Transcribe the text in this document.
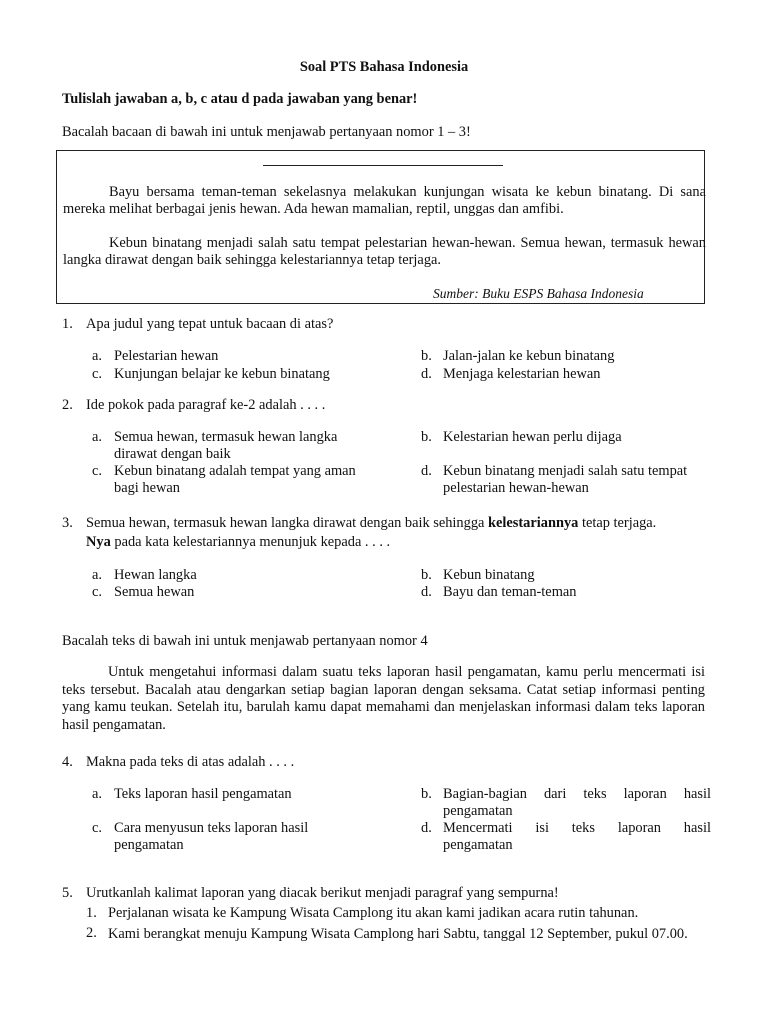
Soal PTS Bahasa Indonesia
Tulislah jawaban a, b, c atau d pada jawaban yang benar!
Bacalah bacaan di bawah ini untuk menjawab pertanyaan nomor 1 – 3!
Bayu bersama teman-teman sekelasnya melakukan kunjungan wisata ke kebun binatang. Di sana mereka melihat berbagai jenis hewan. Ada hewan mamalian, reptil, unggas dan amfibi.
Kebun binatang menjadi salah satu tempat pelestarian hewan-hewan. Semua hewan, termasuk hewan langka dirawat dengan baik sehingga kelestariannya tetap terjaga.
Sumber: Buku ESPS Bahasa Indonesia
1. Apa judul yang tepat untuk bacaan di atas?
a. Pelestarian hewan	b. Jalan-jalan ke kebun binatang
c. Kunjungan belajar ke kebun binatang	d. Menjaga kelestarian hewan
2. Ide pokok pada paragraf ke-2 adalah . . . .
a. Semua hewan, termasuk hewan langka
dirawat dengan baik
b. Kelestarian hewan perlu dijaga
c. Kebun binatang adalah tempat yang aman
bagi hewan
d. Kebun binatang menjadi salah satu tempat
pelestarian hewan-hewan
3. Semua hewan, termasuk hewan langka dirawat dengan baik sehingga kelestariannya tetap terjaga.
Nya pada kata kelestariannya menunjuk kepada . . . .
a. Hewan langka	b. Kebun binatang
c. Semua hewan	d. Bayu dan teman-teman
Bacalah teks di bawah ini untuk menjawab pertanyaan nomor 4
Untuk mengetahui informasi dalam suatu teks laporan hasil pengamatan, kamu perlu mencermati isi teks tersebut. Bacalah atau dengarkan setiap bagian laporan dengan seksama. Catat setiap informasi penting yang kamu teukan. Setelah itu, barulah kamu dapat memahami dan menjelaskan informasi dalam teks laporan hasil pengamatan.
4. Makna pada teks di atas adalah . . . .
a. Teks laporan hasil pengamatan	b. Bagian-bagian dari teks laporan hasil
pengamatan
c. Cara menyusun teks laporan hasil
pengamatan
d. Mencermati isi teks laporan hasil
pengamatan
5. Urutkanlah kalimat laporan yang diacak berikut menjadi paragraf yang sempurna!
1. Perjalanan wisata ke Kampung Wisata Camplong itu akan kami jadikan acara rutin tahunan.
2. Kami berangkat menuju Kampung Wisata Camplong hari Sabtu, tanggal 12 September, pukul 07.00.
